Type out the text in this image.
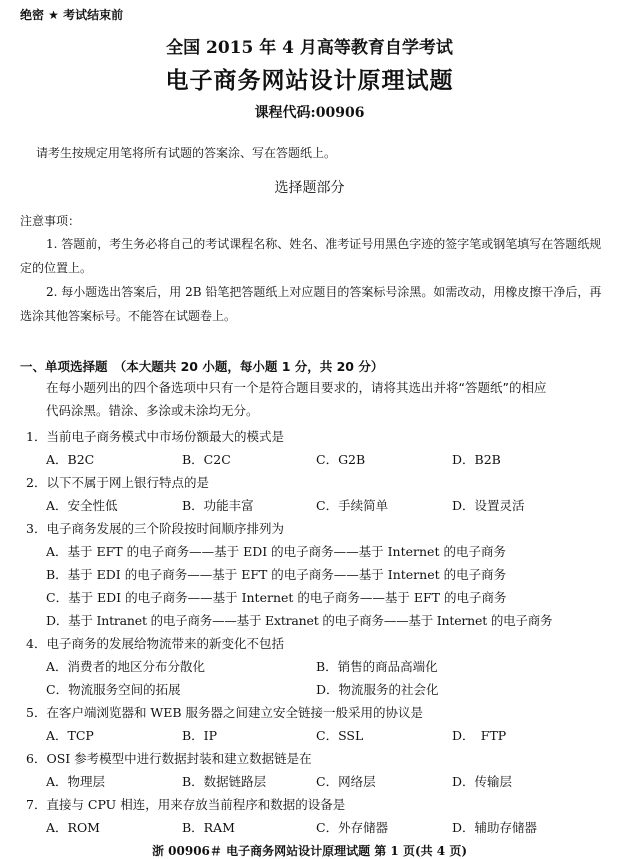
绝密 ★ 考试结束前
全国 2015 年 4 月高等教育自学考试
电子商务网站设计原理试题
课程代码:00906
请考生按规定用笔将所有试题的答案涂、写在答题纸上。
选择题部分
注意事项：
1. 答题前，考生务必将自己的考试课程名称、姓名、准考证号用黑色字迹的签字笔或钢笔填写在答题纸规定的位置上。
2. 每小题选出答案后，用 2B 铅笔把答题纸上对应题目的答案标号涂黑。如需改动，用橡皮擦干净后，再选涂其他答案标号。不能答在试题卷上。
一、单项选择题　（本大题共 20 小题，每小题 1 分，共 20 分）
在每小题列出的四个备选项中只有一个是符合题目要求的，请将其选出并将“答题纸”的相应代码涂黑。错涂、多涂或未涂均无分。
1．当前电子商务模式中市场份额最大的模式是
A．B2C	B．C2C	C．G2B	D．B2B
2．以下不属于网上银行特点的是
A．安全性低	B．功能丰富	C．手续简单	D．设置灵活
3．电子商务发展的三个阶段按时间顺序排列为
A．基于 EFT 的电子商务——基于 EDI 的电子商务——基于 Internet 的电子商务
B．基于 EDI 的电子商务——基于 EFT 的电子商务——基于 Internet 的电子商务
C．基于 EDI 的电子商务——基于 Internet 的电子商务——基于 EFT 的电子商务
D．基于 Intranet 的电子商务——基于 Extranet 的电子商务——基于 Internet 的电子商务
4．电子商务的发展给物流带来的新变化不包括
A．消费者的地区分布分散化	B．销售的商品高端化
C．物流服务空间的拓展	D．物流服务的社会化
5．在客户端浏览器和 WEB 服务器之间建立安全链接一般采用的协议是
A．TCP	B．IP	C．SSL	D．　FTP
6．OSI 参考模型中进行数据封装和建立数据链是在
A．物理层	B．数据链路层	C．网络层	D．传输层
7．直接与 CPU 相连，用来存放当前程序和数据的设备是
A．ROM	B．RAM	C．外存储器	D．辅助存储器
浙 00906＃ 电子商务网站设计原理试题 第 1 页(共 4 页)
